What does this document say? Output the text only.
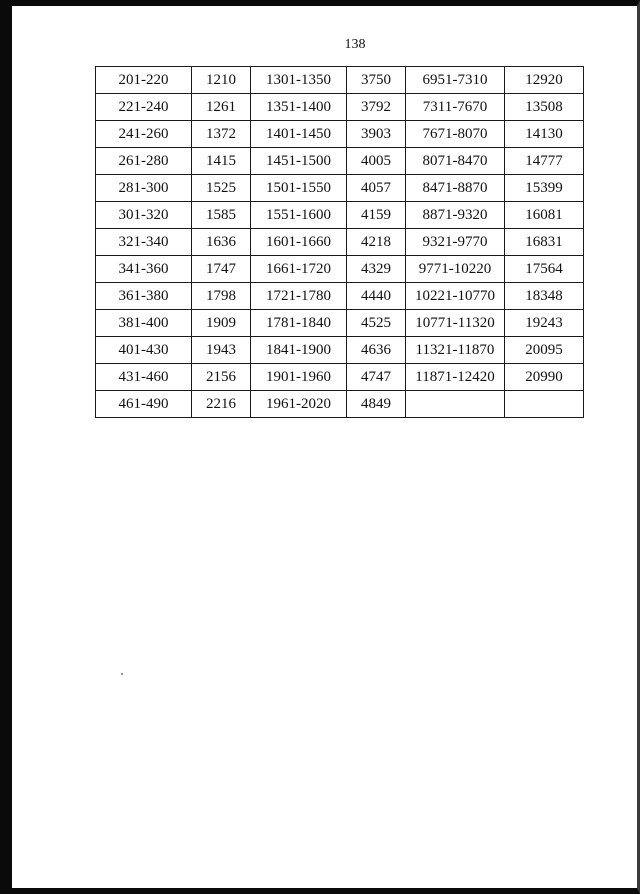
138
201-220	1210	1301-1350	3750	6951-7310	12920
221-240	1261	1351-1400	3792	7311-7670	13508
241-260	1372	1401-1450	3903	7671-8070	14130
261-280	1415	1451-1500	4005	8071-8470	14777
281-300	1525	1501-1550	4057	8471-8870	15399
301-320	1585	1551-1600	4159	8871-9320	16081
321-340	1636	1601-1660	4218	9321-9770	16831
341-360	1747	1661-1720	4329	9771-10220	17564
361-380	1798	1721-1780	4440	10221-10770	18348
381-400	1909	1781-1840	4525	10771-11320	19243
401-430	1943	1841-1900	4636	11321-11870	20095
431-460	2156	1901-1960	4747	11871-12420	20990
461-490	2216	1961-2020	4849		
